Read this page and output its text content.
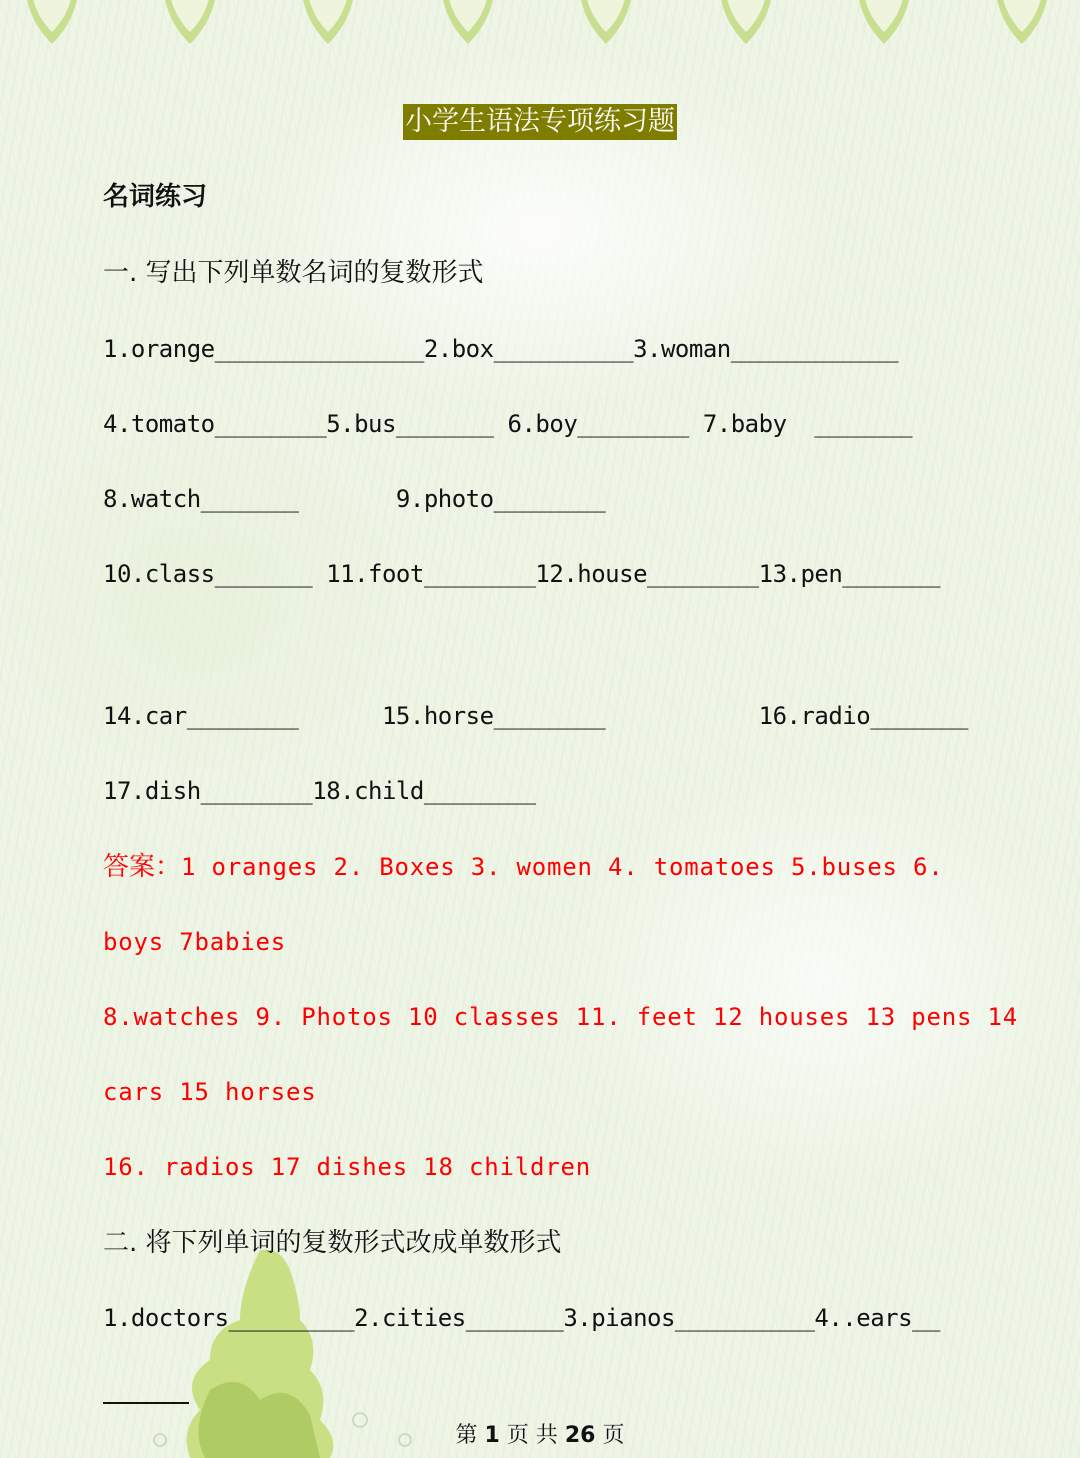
小学生语法专项练习题
名词练习
一. 写出下列单数名词的复数形式
1.orange_______________2.box__________3.woman____________
4.tomato________5.bus_______ 6.boy________ 7.baby  _______
8.watch_______       9.photo________
10.class_______ 11.foot________12.house________13.pen_______
14.car________      15.horse________           16.radio_______
17.dish________18.child________
答案：1 oranges 2. Boxes 3. women 4. tomatoes 5.buses 6.
boys 7babies
8.watches 9. Photos 10 classes 11. feet 12 houses 13 pens 14
cars 15 horses
16. radios 17 dishes 18 children
二. 将下列单词的复数形式改成单数形式
1.doctors_________2.cities_______3.pianos__________4..ears__
第 1 页 共 26 页
